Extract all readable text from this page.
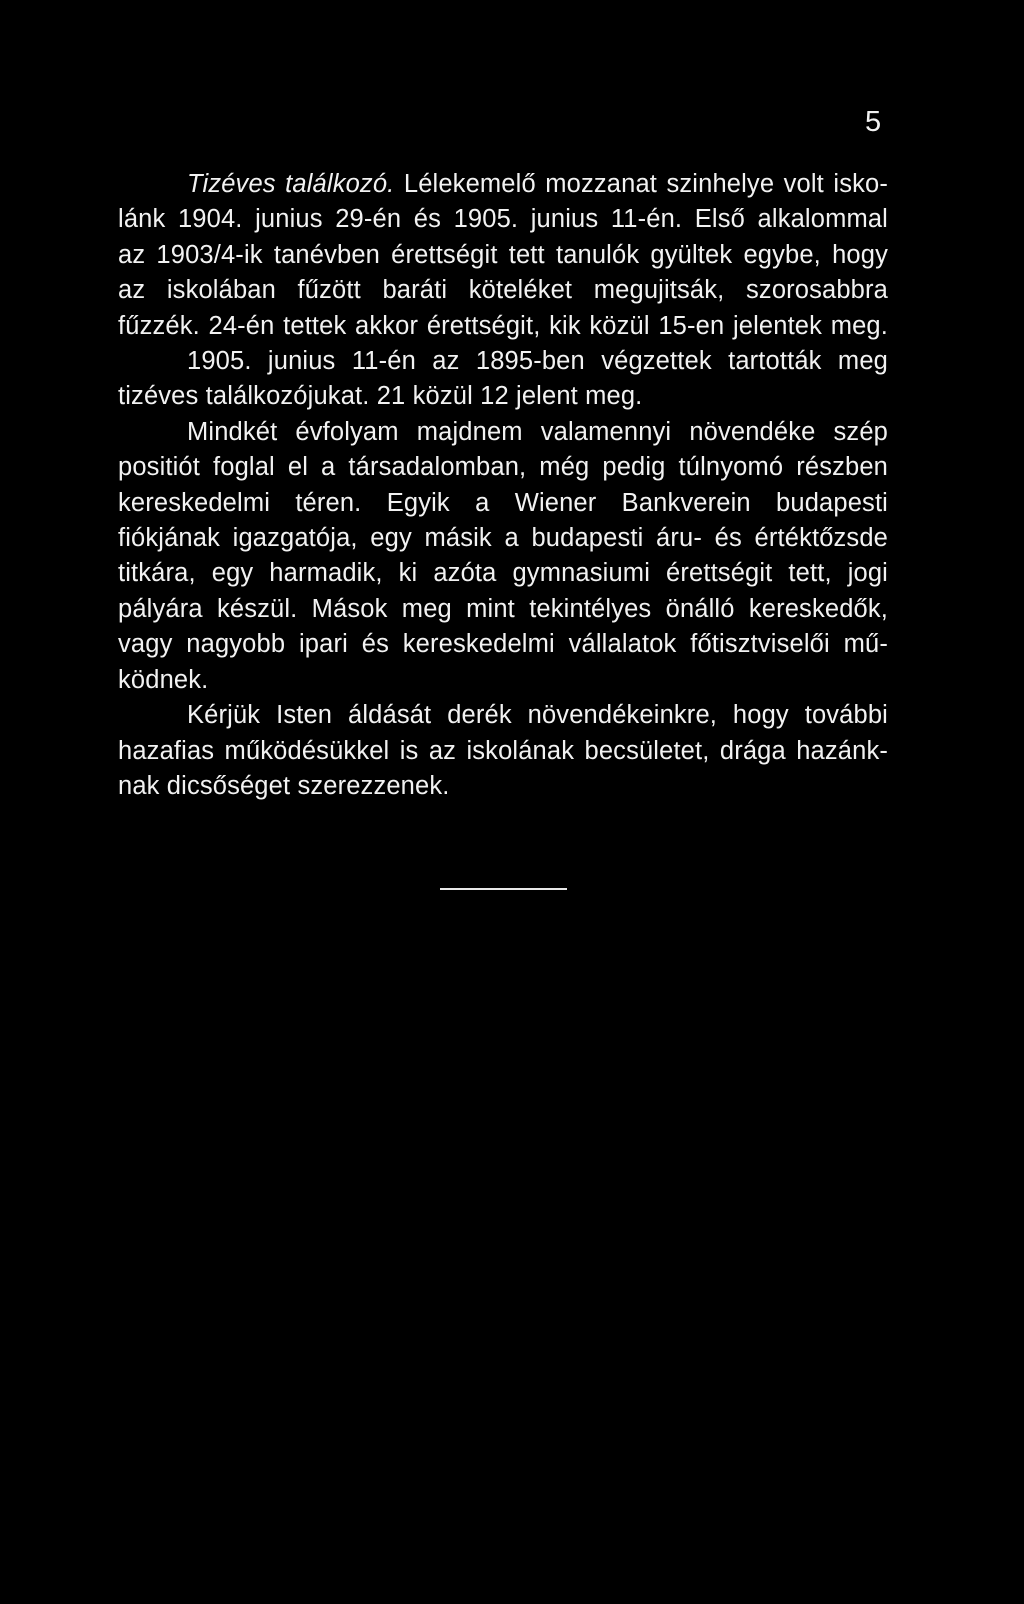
5
Tizéves találkozó. Lélekemelő mozzanat szinhelye volt isko-
lánk 1904. junius 29-én és 1905. junius 11-én. Első alkalommal
az 1903/4-ik tanévben érettségit tett tanulók gyültek egybe, hogy
az iskolában fűzött baráti köteléket megujitsák, szorosabbra
fűzzék. 24-én tettek akkor érettségit, kik közül 15-en jelentek meg.
1905. junius 11-én az 1895-ben végzettek tartották meg
tizéves találkozójukat. 21 közül 12 jelent meg.
Mindkét évfolyam majdnem valamennyi növendéke szép
positiót foglal el a társadalomban, még pedig túlnyomó részben
kereskedelmi téren. Egyik a Wiener Bankverein budapesti
fiókjának igazgatója, egy másik a budapesti áru- és értéktőzsde
titkára, egy harmadik, ki azóta gymnasiumi érettségit tett, jogi
pályára készül. Mások meg mint tekintélyes önálló kereskedők,
vagy nagyobb ipari és kereskedelmi vállalatok főtisztviselői mű-
ködnek.
Kérjük Isten áldását derék növendékeinkre, hogy további
hazafias működésükkel is az iskolának becsületet, drága hazánk-
nak dicsőséget szerezzenek.
